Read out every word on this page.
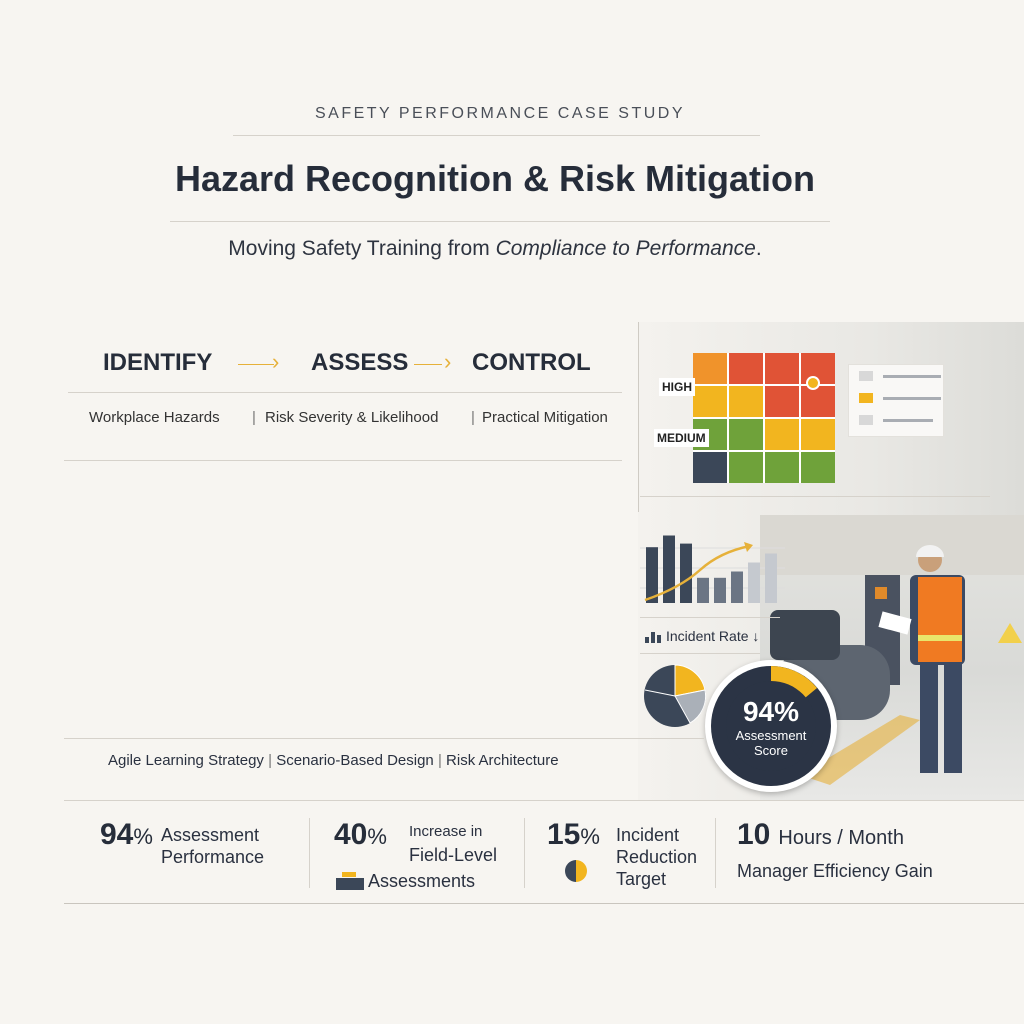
SAFETY PERFORMANCE CASE STUDY
Hazard Recognition & Risk Mitigation
Moving Safety Training from Compliance to Performance.
IDENTIFY	› ASSESS › CONTROL
Workplace Hazards | Risk Severity & Likelihood | Practical Mitigation
HIGH
MEDIUM
Incident Rate ↓
94%
Assessment
Score
Agile Learning Strategy | Scenario-Based Design | Risk Architecture
94% Assessment
Performance
40% Increase in
Field-Level
Assessments
15% Incident
Reduction
Target
10 Hours / Month
Manager Efficiency Gain
